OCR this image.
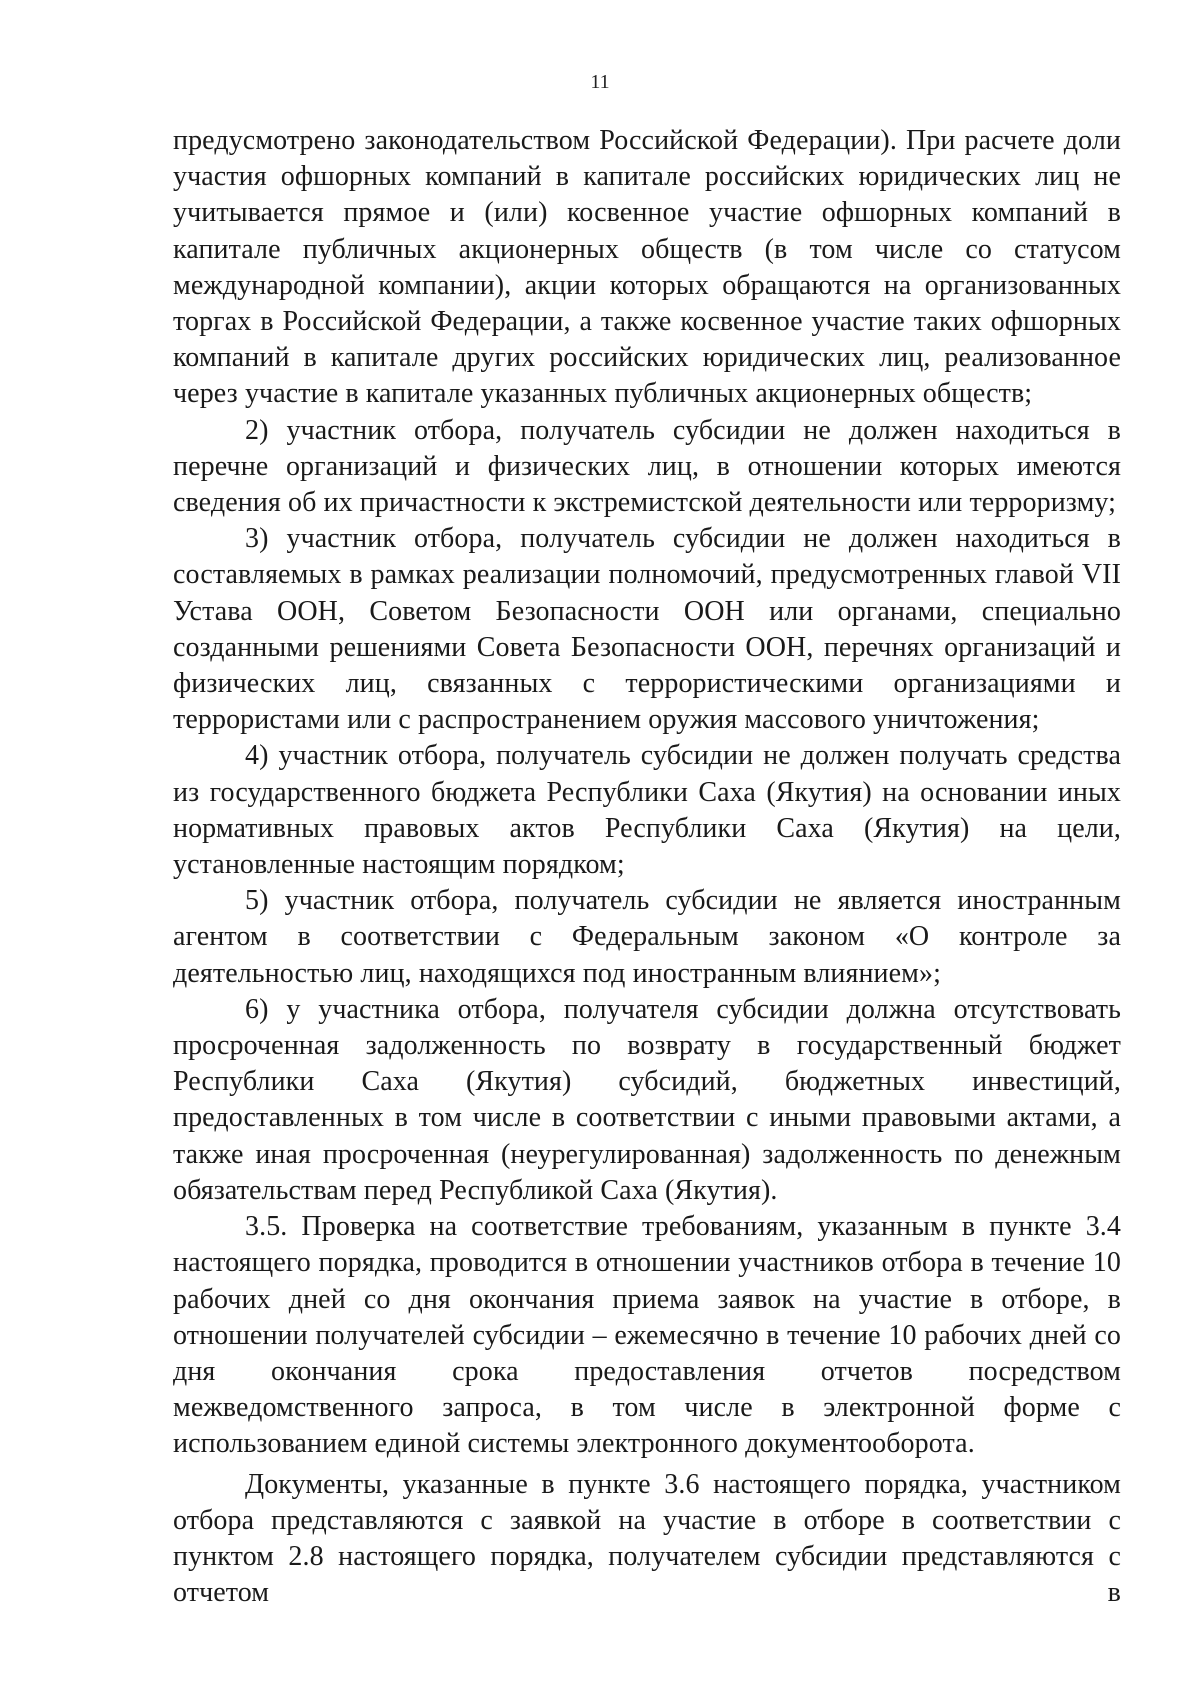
11

предусмотрено законодательством Российской Федерации). При расчете доли участия офшорных компаний в капитале российских юридических лиц не учитывается прямое и (или) косвенное участие офшорных компаний в капитале публичных акционерных обществ (в том числе со статусом международной компании), акции которых обращаются на организованных торгах в Российской Федерации, а также косвенное участие таких офшорных компаний в капитале других российских юридических лиц, реализованное через участие в капитале указанных публичных акционерных обществ;

2) участник отбора, получатель субсидии не должен находиться в перечне организаций и физических лиц, в отношении которых имеются сведения об их причастности к экстремистской деятельности или терроризму;

3) участник отбора, получатель субсидии не должен находиться в составляемых в рамках реализации полномочий, предусмотренных главой VII Устава ООН, Советом Безопасности ООН или органами, специально созданными решениями Совета Безопасности ООН, перечнях организаций и физических лиц, связанных с террористическими организациями и террористами или с распространением оружия массового уничтожения;

4) участник отбора, получатель субсидии не должен получать средства из государственного бюджета Республики Саха (Якутия) на основании иных нормативных правовых актов Республики Саха (Якутия) на цели, установленные настоящим порядком;

5) участник отбора, получатель субсидии не является иностранным агентом в соответствии с Федеральным законом «О контроле за деятельностью лиц, находящихся под иностранным влиянием»;

6) у участника отбора, получателя субсидии должна отсутствовать просроченная задолженность по возврату в государственный бюджет Республики Саха (Якутия) субсидий, бюджетных инвестиций, предоставленных в том числе в соответствии с иными правовыми актами, а также иная просроченная (неурегулированная) задолженность по денежным обязательствам перед Республикой Саха (Якутия).

3.5. Проверка на соответствие требованиям, указанным в пункте 3.4 настоящего порядка, проводится в отношении участников отбора в течение 10 рабочих дней со дня окончания приема заявок на участие в отборе, в отношении получателей субсидии – ежемесячно в течение 10 рабочих дней со дня окончания срока предоставления отчетов посредством межведомственного запроса, в том числе в электронной форме с использованием единой системы электронного документооборота.

Документы, указанные в пункте 3.6 настоящего порядка, участником отбора представляются с заявкой на участие в отборе в соответствии с пунктом 2.8 настоящего порядка, получателем субсидии представляются с отчетом в
